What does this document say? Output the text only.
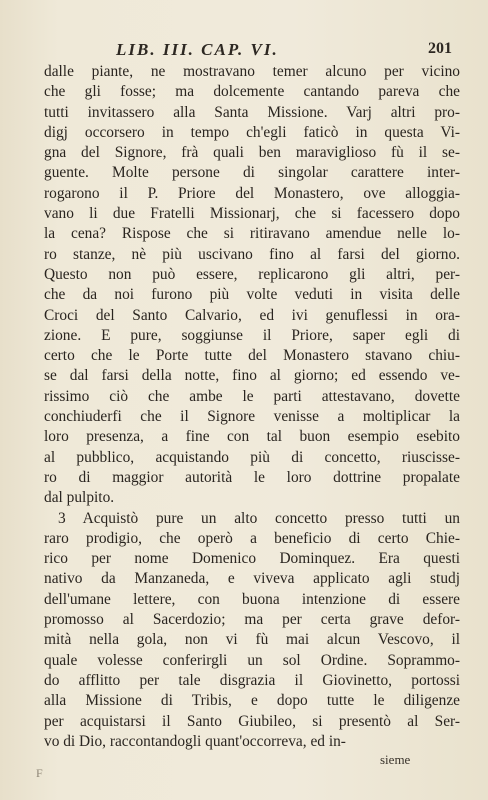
LIB. III. CAP. VI.	201
dalle piante, ne mostravano temer alcuno per vicino
che gli fosse; ma dolcemente cantando pareva che
tutti invitassero alla Santa Missione. Varj altri pro-
digj occorsero in tempo ch'egli faticò in questa Vi-
gna del Signore, frà quali ben maraviglioso fù il se-
guente. Molte persone di singolar carattere inter-
rogarono il P. Priore del Monastero, ove alloggia-
vano li due Fratelli Missionarj, che si facessero dopo
la cena? Rispose che si ritiravano amendue nelle lo-
ro stanze, nè più uscivano fino al farsi del giorno.
Questo non può essere, replicarono gli altri, per-
che da noi furono più volte veduti in visita delle
Croci del Santo Calvario, ed ivi genuflessi in ora-
zione. E pure, soggiunse il Priore, saper egli di
certo che le Porte tutte del Monastero stavano chiu-
se dal farsi della notte, fino al giorno; ed essendo ve-
rissimo ciò che ambe le parti attestavano, dovette
conchiuderfi che il Signore venisse a moltiplicar la
loro presenza, a fine con tal buon esempio esebito
al pubblico, acquistando più di concetto, riuscisse-
ro di maggior autorità le loro dottrine propalate
dal pulpito.
3 Acquistò pure un alto concetto presso tutti un
raro prodigio, che operò a beneficio di certo Chie-
rico per nome Domenico Dominquez. Era questi
nativo da Manzaneda, e viveva applicato agli studj
dell'umane lettere, con buona intenzione di essere
promosso al Sacerdozio; ma per certa grave defor-
mità nella gola, non vi fù mai alcun Vescovo, il
quale volesse conferirgli un sol Ordine. Soprammo-
do afflitto per tale disgrazia il Giovinetto, portossi
alla Missione di Tribis, e dopo tutte le diligenze
per acquistarsi il Santo Giubileo, si presentò al Ser-
vo di Dio, raccontandogli quant'occorreva, ed in-
sieme
F
